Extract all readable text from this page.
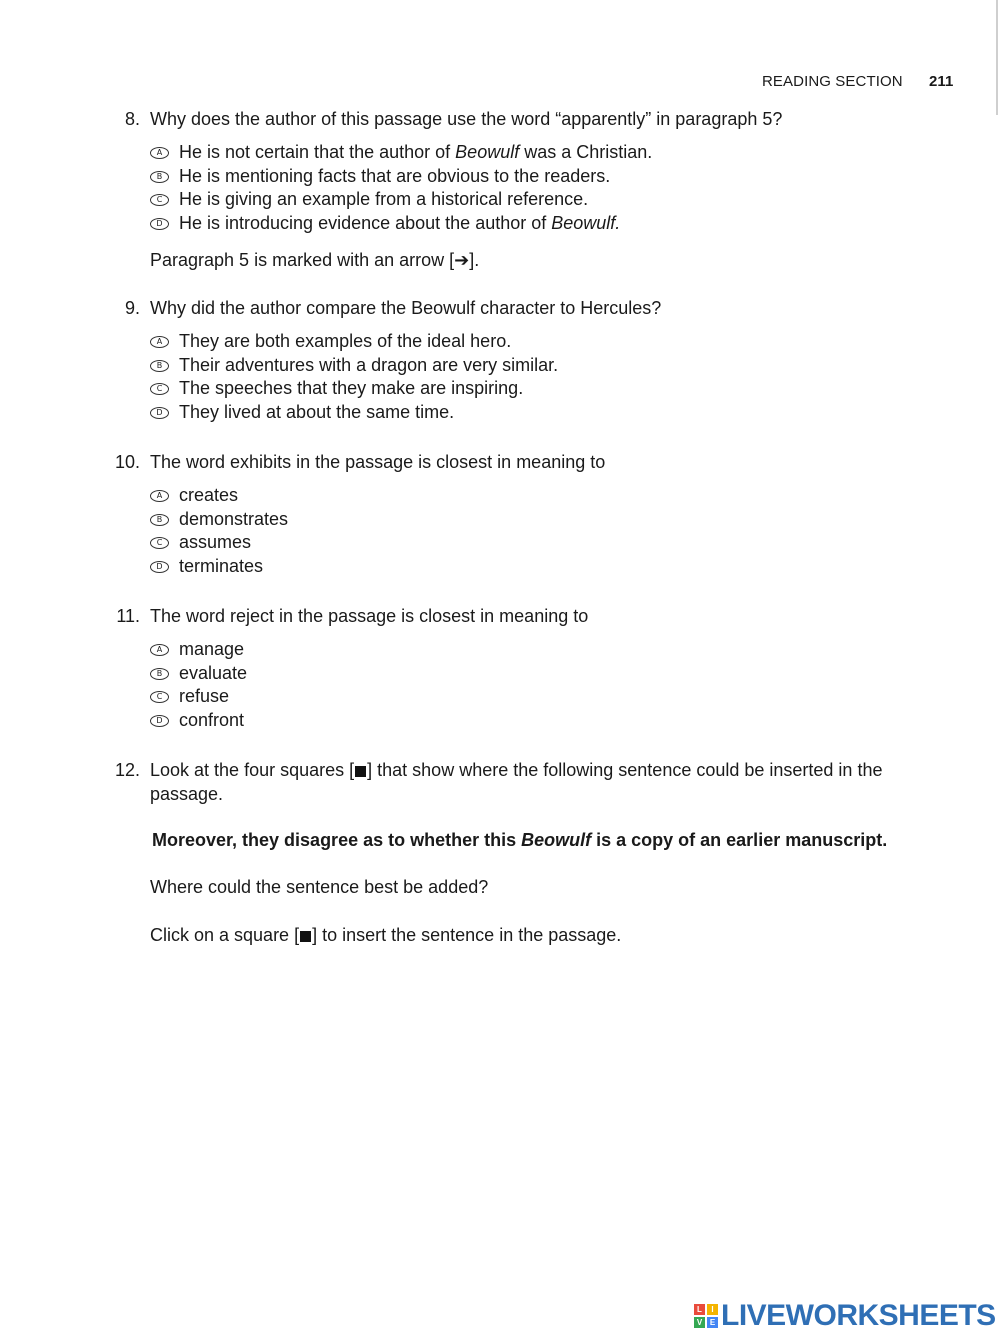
READING SECTION 211
8. Why does the author of this passage use the word “apparently” in paragraph 5?
A He is not certain that the author of Beowulf was a Christian.
B He is mentioning facts that are obvious to the readers.
C He is giving an example from a historical reference.
D He is introducing evidence about the author of Beowulf.
Paragraph 5 is marked with an arrow [➔].
9. Why did the author compare the Beowulf character to Hercules?
A They are both examples of the ideal hero.
B Their adventures with a dragon are very similar.
C The speeches that they make are inspiring.
D They lived at about the same time.
10. The word exhibits in the passage is closest in meaning to
A creates
B demonstrates
C assumes
D terminates
11. The word reject in the passage is closest in meaning to
A manage
B evaluate
C refuse
D confront
12. Look at the four squares [ ] that show where the following sentence could be inserted in the passage.
Moreover, they disagree as to whether this Beowulf is a copy of an earlier manuscript.
Where could the sentence best be added?
Click on a square [ ] to insert the sentence in the passage.
L	I
V E LIVEWORKSHEETS
